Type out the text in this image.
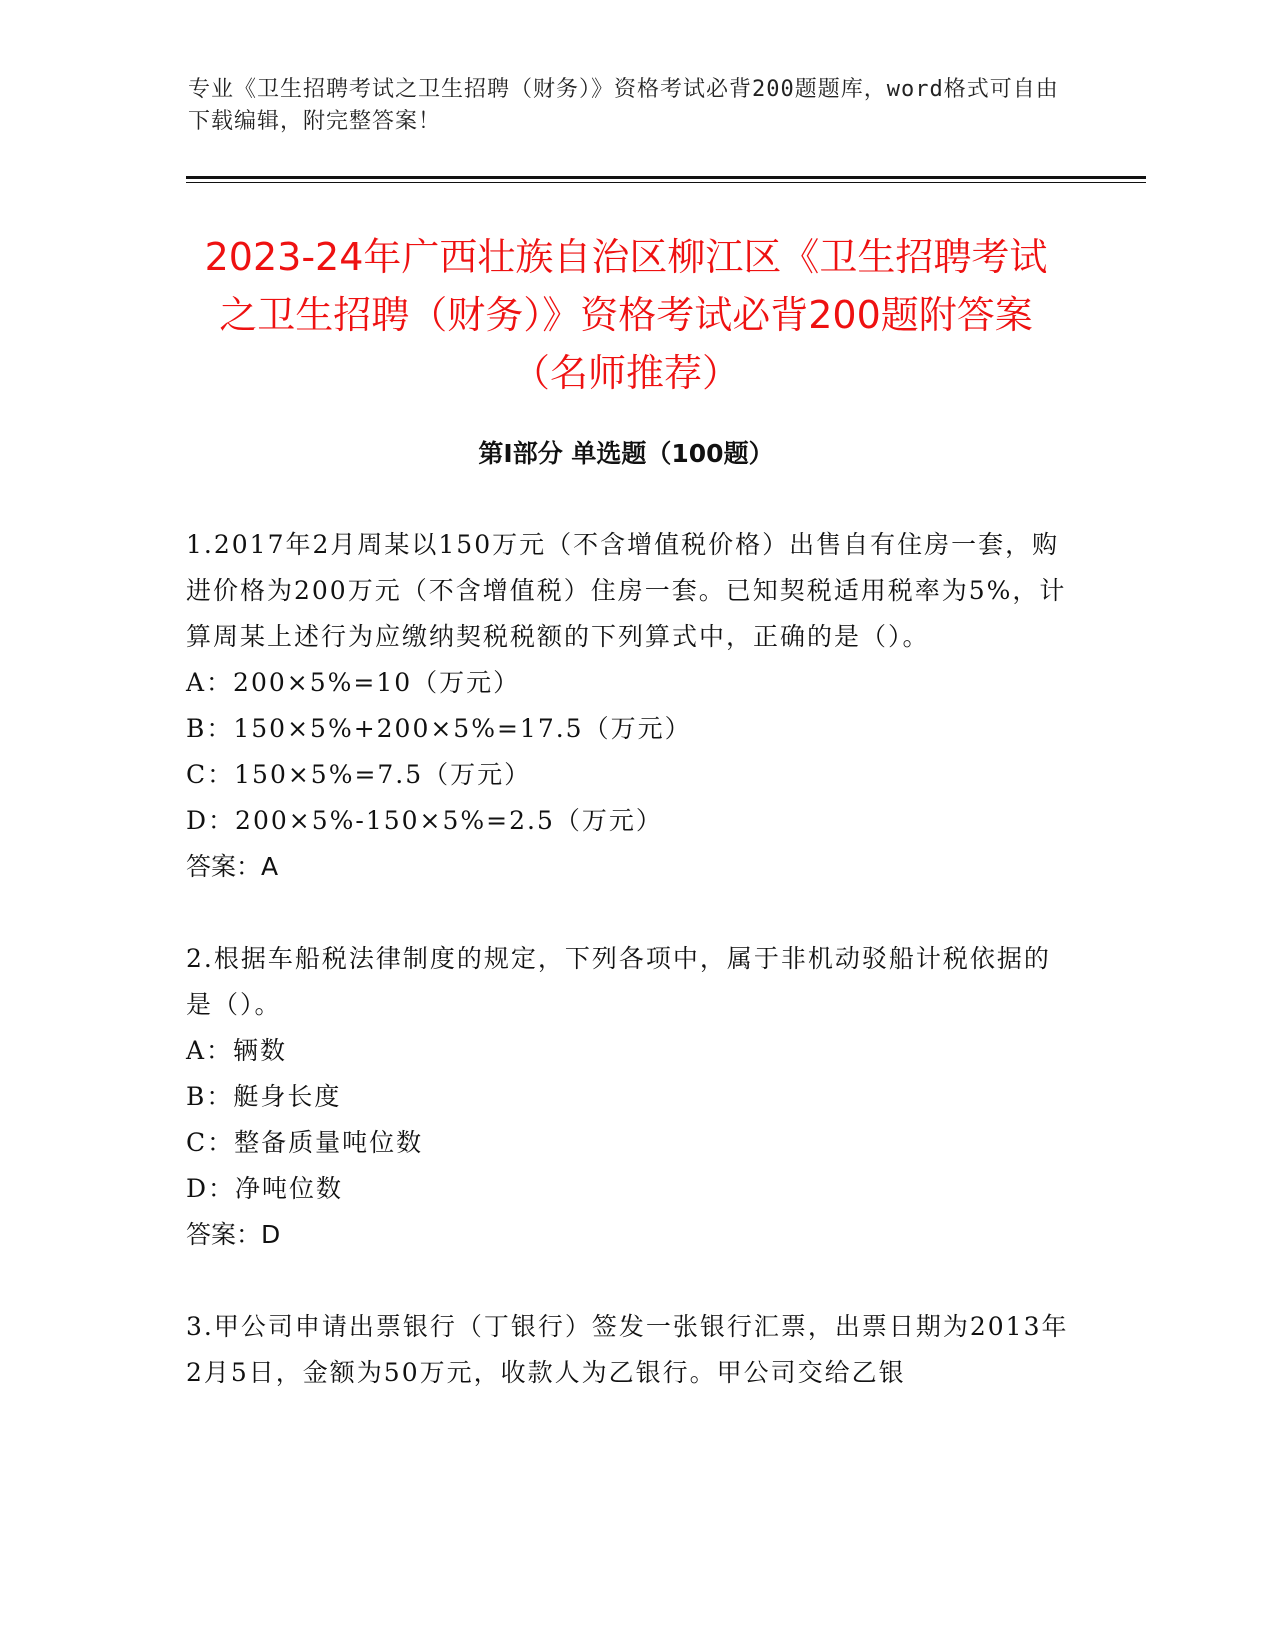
专业《卫生招聘考试之卫生招聘（财务）》资格考试必背200题题库，word格式可自由下载编辑，附完整答案！
2023-24年广西壮族自治区柳江区《卫生招聘考试之卫生招聘（财务）》资格考试必背200题附答案（名师推荐）
第I部分 单选题（100题）

1.2017年2月周某以150万元（不含增值税价格）出售自有住房一套，购进价格为200万元（不含增值税）住房一套。已知契税适用税率为5%，计算周某上述行为应缴纳契税税额的下列算式中，正确的是（）。

A：200×5%=10（万元）
B：150×5%+200×5%=17.5（万元）
C：150×5%=7.5（万元）
D：200×5%-150×5%=2.5（万元）

答案：A

2.根据车船税法律制度的规定，下列各项中，属于非机动驳船计税依据的是（）。

A：辆数
B：艇身长度
C：整备质量吨位数
D：净吨位数

答案：D

3.甲公司申请出票银行（丁银行）签发一张银行汇票，出票日期为2013年2月5日，金额为50万元，收款人为乙银行。甲公司交给乙银
